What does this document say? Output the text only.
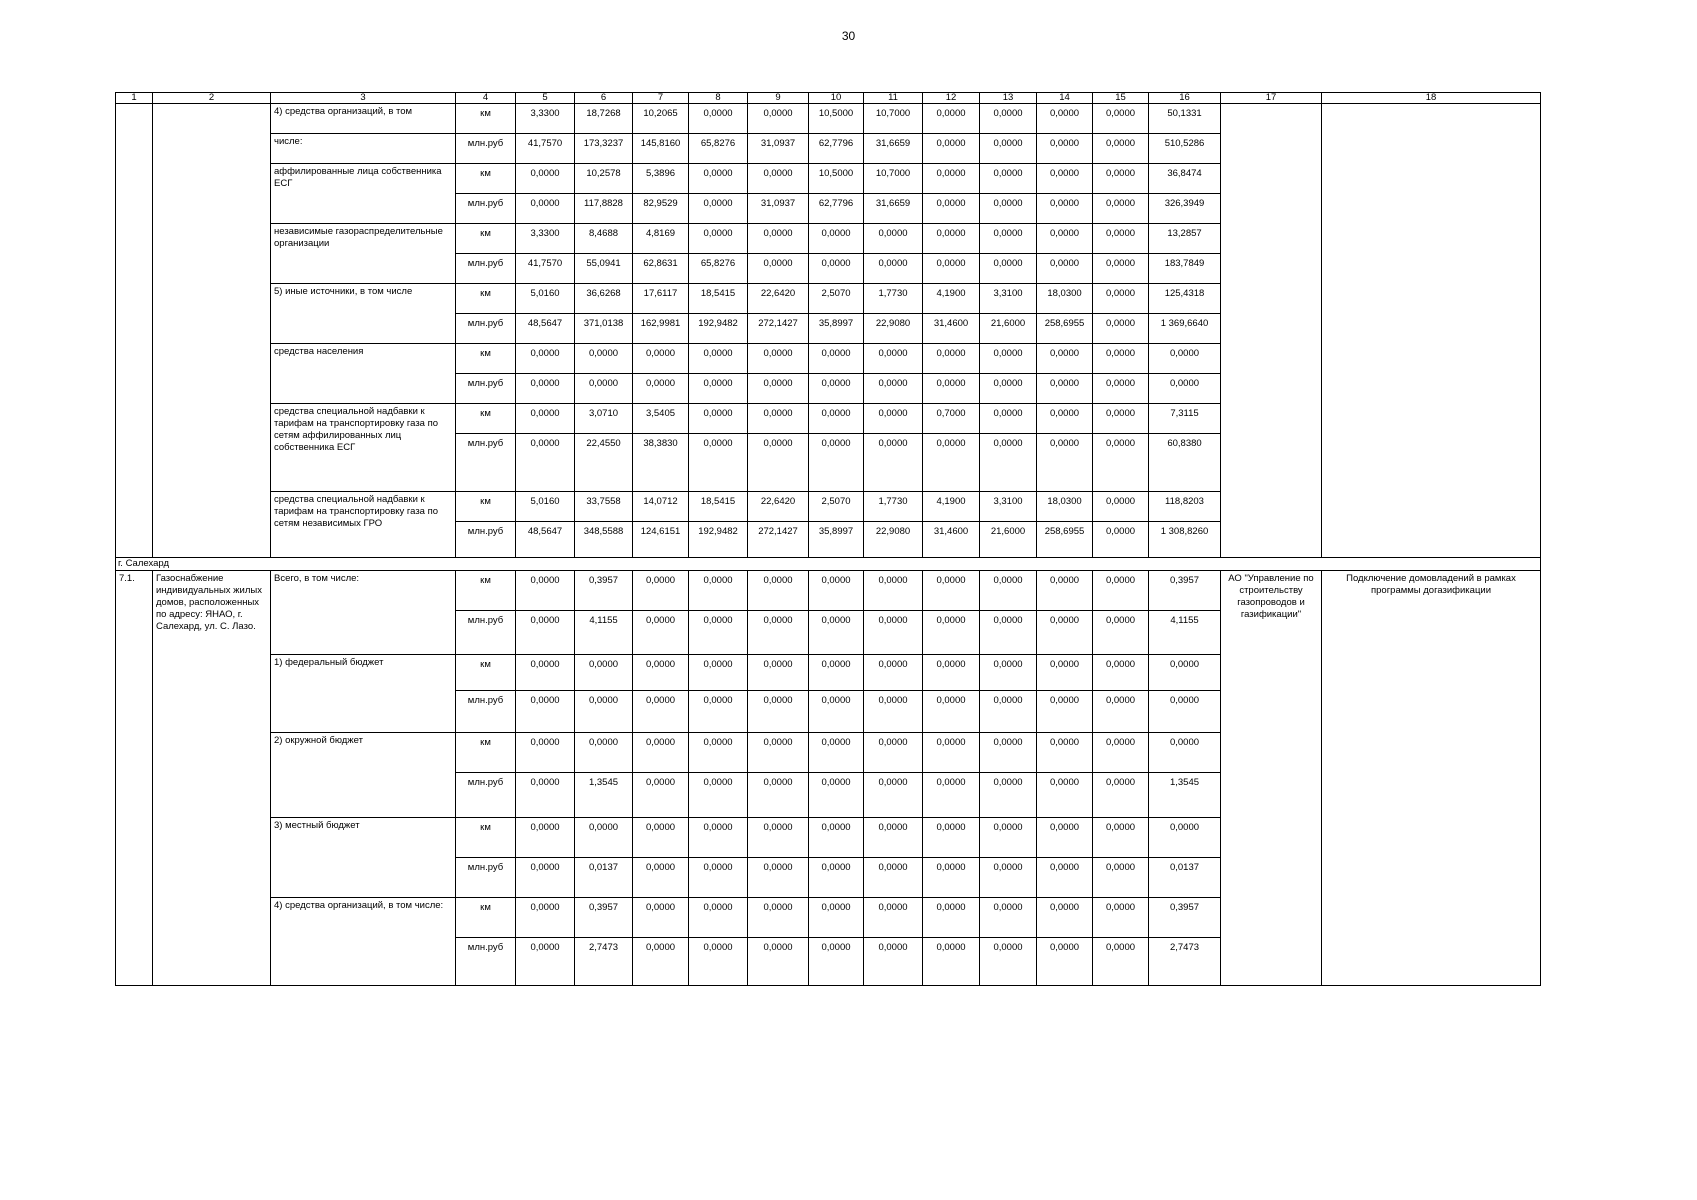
30
1	2	3	4	5	6	7	8	9	10	11	12	13	14	15	16	17	18
		4) средства организаций, в том	км	3,3300	18,7268	10,2065	0,0000	0,0000	10,5000	10,7000	0,0000	0,0000	0,0000	0,0000	50,1331		
		числе:	млн.руб	41,7570	173,3237	145,8160	65,8276	31,0937	62,7796	31,6659	0,0000	0,0000	0,0000	0,0000	510,5286		
		аффилированные лица собственника ЕСГ	км	0,0000	10,2578	5,3896	0,0000	0,0000	10,5000	10,7000	0,0000	0,0000	0,0000	0,0000	36,8474		
			млн.руб	0,0000	117,8828	82,9529	0,0000	31,0937	62,7796	31,6659	0,0000	0,0000	0,0000	0,0000	326,3949		
		независимые газораспределительные организации	км	3,3300	8,4688	4,8169	0,0000	0,0000	0,0000	0,0000	0,0000	0,0000	0,0000	0,0000	13,2857		
			млн.руб	41,7570	55,0941	62,8631	65,8276	0,0000	0,0000	0,0000	0,0000	0,0000	0,0000	0,0000	183,7849		
		5) иные источники, в том числе	км	5,0160	36,6268	17,6117	18,5415	22,6420	2,5070	1,7730	4,1900	3,3100	18,0300	0,0000	125,4318		
			млн.руб	48,5647	371,0138	162,9981	192,9482	272,1427	35,8997	22,9080	31,4600	21,6000	258,6955	0,0000	1 369,6640		
		средства населения	км	0,0000	0,0000	0,0000	0,0000	0,0000	0,0000	0,0000	0,0000	0,0000	0,0000	0,0000	0,0000		
			млн.руб	0,0000	0,0000	0,0000	0,0000	0,0000	0,0000	0,0000	0,0000	0,0000	0,0000	0,0000	0,0000		
		средства специальной надбавки к тарифам на транспортировку газа по сетям аффилированных лиц собственника ЕСГ	км	0,0000	3,0710	3,5405	0,0000	0,0000	0,0000	0,0000	0,7000	0,0000	0,0000	0,0000	7,3115		
			млн.руб	0,0000	22,4550	38,3830	0,0000	0,0000	0,0000	0,0000	0,0000	0,0000	0,0000	0,0000	60,8380		
		средства специальной надбавки к тарифам на транспортировку газа по сетям независимых ГРО	км	5,0160	33,7558	14,0712	18,5415	22,6420	2,5070	1,7730	4,1900	3,3100	18,0300	0,0000	118,8203		
			млн.руб	48,5647	348,5588	124,6151	192,9482	272,1427	35,8997	22,9080	31,4600	21,6000	258,6955	0,0000	1 308,8260		
г. Салехард																	
7.1.	Газоснабжение индивидуальных жилых домов, расположенных по адресу: ЯНАО, г. Салехард, ул. С. Лазо.	Всего, в том числе:	км	0,0000	0,3957	0,0000	0,0000	0,0000	0,0000	0,0000	0,0000	0,0000	0,0000	0,0000	0,3957	АО "Управление по строительству газопроводов и газификации"	Подключение домовладений в рамках программы догазификации
			млн.руб	0,0000	4,1155	0,0000	0,0000	0,0000	0,0000	0,0000	0,0000	0,0000	0,0000	0,0000	4,1155		
		1) федеральный бюджет	км	0,0000	0,0000	0,0000	0,0000	0,0000	0,0000	0,0000	0,0000	0,0000	0,0000	0,0000	0,0000		
			млн.руб	0,0000	0,0000	0,0000	0,0000	0,0000	0,0000	0,0000	0,0000	0,0000	0,0000	0,0000	0,0000		
		2) окружной бюджет	км	0,0000	0,0000	0,0000	0,0000	0,0000	0,0000	0,0000	0,0000	0,0000	0,0000	0,0000	0,0000		
			млн.руб	0,0000	1,3545	0,0000	0,0000	0,0000	0,0000	0,0000	0,0000	0,0000	0,0000	0,0000	1,3545		
		3) местный бюджет	км	0,0000	0,0000	0,0000	0,0000	0,0000	0,0000	0,0000	0,0000	0,0000	0,0000	0,0000	0,0000		
			млн.руб	0,0000	0,0137	0,0000	0,0000	0,0000	0,0000	0,0000	0,0000	0,0000	0,0000	0,0000	0,0137		
		4) средства организаций, в том числе:	км	0,0000	0,3957	0,0000	0,0000	0,0000	0,0000	0,0000	0,0000	0,0000	0,0000	0,0000	0,3957		
			млн.руб	0,0000	2,7473	0,0000	0,0000	0,0000	0,0000	0,0000	0,0000	0,0000	0,0000	0,0000	2,7473		
